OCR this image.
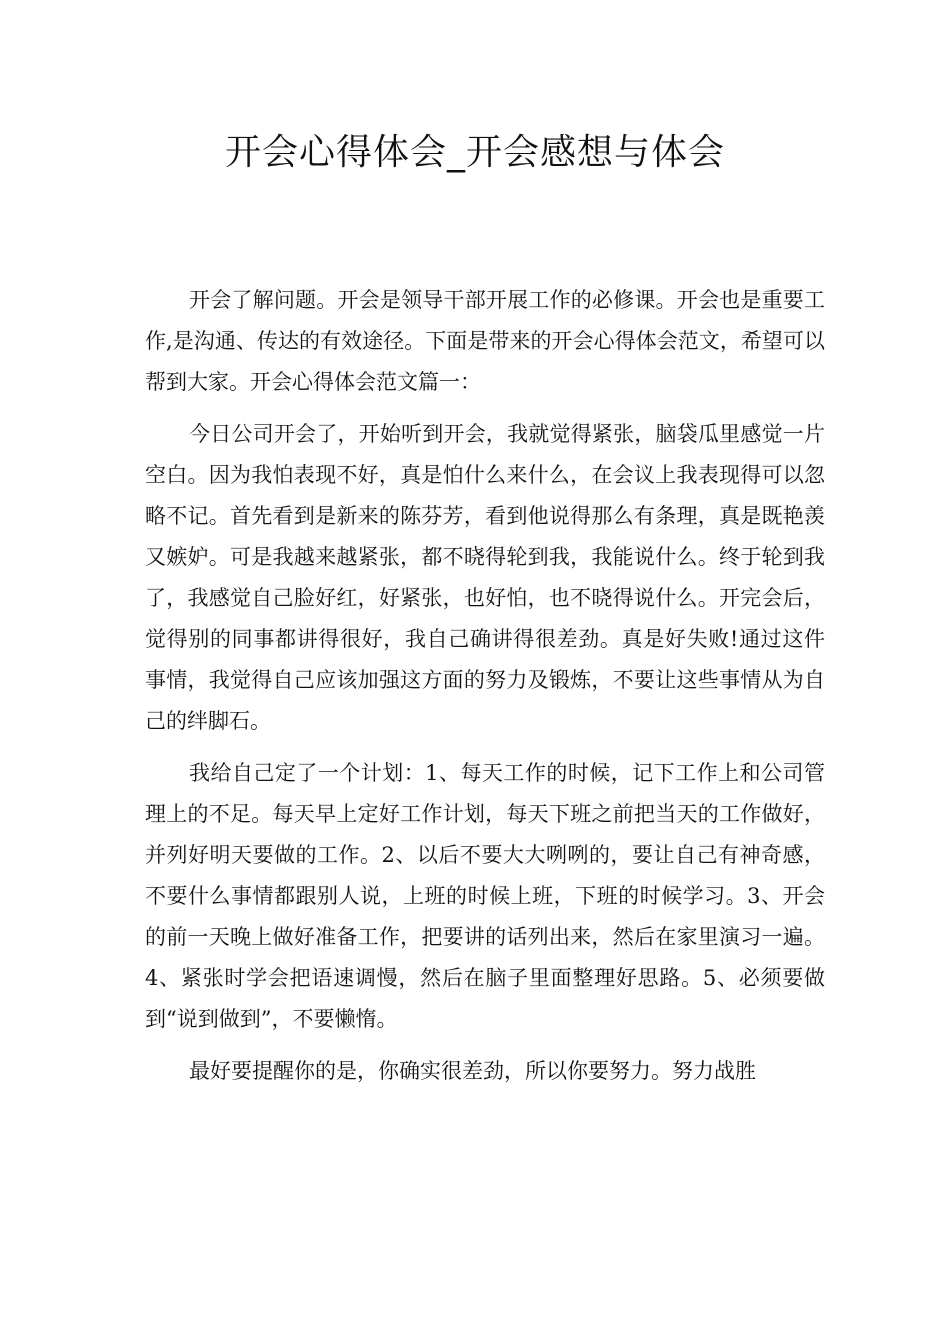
开会心得体会_开会感想与体会

开会了解问题。开会是领导干部开展工作的必修课。开会也是重要工作,是沟通、传达的有效途径。下面是带来的开会心得体会范文，希望可以帮到大家。开会心得体会范文篇一：

今日公司开会了，开始听到开会，我就觉得紧张，脑袋瓜里感觉一片空白。因为我怕表现不好，真是怕什么来什么，在会议上我表现得可以忽略不记。首先看到是新来的陈芬芳，看到他说得那么有条理，真是既艳羡又嫉妒。可是我越来越紧张，都不晓得轮到我，我能说什么。终于轮到我了，我感觉自己脸好红，好紧张，也好怕，也不晓得说什么。开完会后，觉得别的同事都讲得很好，我自己确讲得很差劲。真是好失败!通过这件事情，我觉得自己应该加强这方面的努力及锻炼，不要让这些事情从为自己的绊脚石。

我给自己定了一个计划：1、每天工作的时候，记下工作上和公司管理上的不足。每天早上定好工作计划，每天下班之前把当天的工作做好，并列好明天要做的工作。2、以后不要大大咧咧的，要让自己有神奇感，不要什么事情都跟别人说，上班的时候上班，下班的时候学习。3、开会的前一天晚上做好准备工作，把要讲的话列出来，然后在家里演习一遍。4、紧张时学会把语速调慢，然后在脑子里面整理好思路。5、必须要做到“说到做到”，不要懒惰。

最好要提醒你的是，你确实很差劲，所以你要努力。努力战胜
